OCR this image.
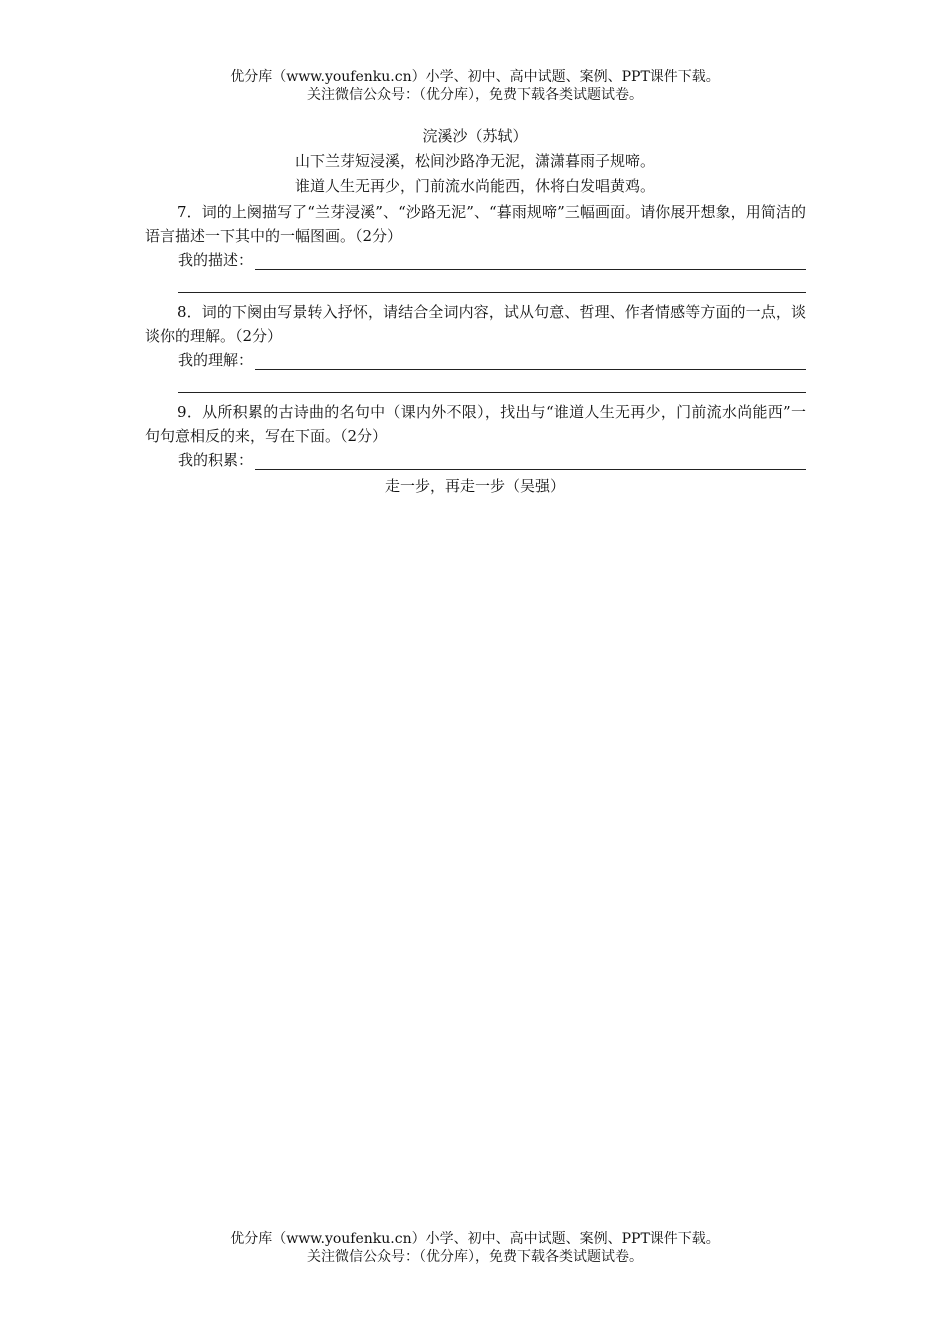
优分库（www.youfenku.cn）小学、初中、高中试题、案例、PPT课件下载。
关注微信公众号：（优分库），免费下载各类试题试卷。
浣溪沙（苏轼）
山下兰芽短浸溪，松间沙路净无泥，潇潇暮雨子规啼。
谁道人生无再少，门前流水尚能西，休将白发唱黄鸡。
7．词的上阕描写了“兰芽浸溪”、“沙路无泥”、“暮雨规啼”三幅画面。请你展开想象，用简洁的语言描述一下其中的一幅图画。（2分）
我的描述：
8．词的下阕由写景转入抒怀，请结合全词内容，试从句意、哲理、作者情感等方面的一点，谈谈你的理解。（2分）
我的理解：
9．从所积累的古诗曲的名句中（课内外不限），找出与“谁道人生无再少，门前流水尚能西”一句句意相反的来，写在下面。（2分）
我的积累：
走一步，再走一步（吴强）
优分库（www.youfenku.cn）小学、初中、高中试题、案例、PPT课件下载。
关注微信公众号：（优分库），免费下载各类试题试卷。
